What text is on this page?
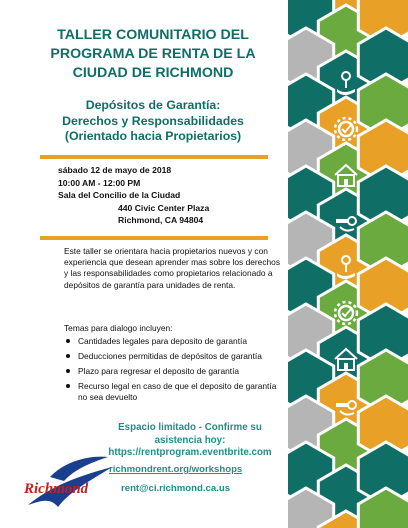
TALLER COMUNITARIO DEL
PROGRAMA DE RENTA DE LA
CIUDAD DE RICHMOND
Depósitos de Garantía:
Derechos y Responsabilidades
(Orientado hacia Propietarios)
sábado 12 de mayo de 2018
10:00 AM - 12:00 PM
Sala del Concilio de la Ciudad
440 Civic Center Plaza
Richmond, CA 94804

Este taller se orientara hacia propietarios nuevos y con experiencia que desean aprender mas sobre los derechos y las responsabilidades como propietarios relacionado a depósitos de garantía para unidades de renta.

Temas para dialogo incluyen:

Cantidades legales para deposito de garantía
Deducciones permitidas de depósitos de garantía
Plazo para regresar el deposito de garantía
Recurso legal en caso de que el deposito de garantía no sea devuelto

Espacio limitado - Confirme su
asistencia hoy:
https://rentprogram.eventbrite.com

richmondrent.org/workshops
rent@ci.richmond.ca.us
Richmond
